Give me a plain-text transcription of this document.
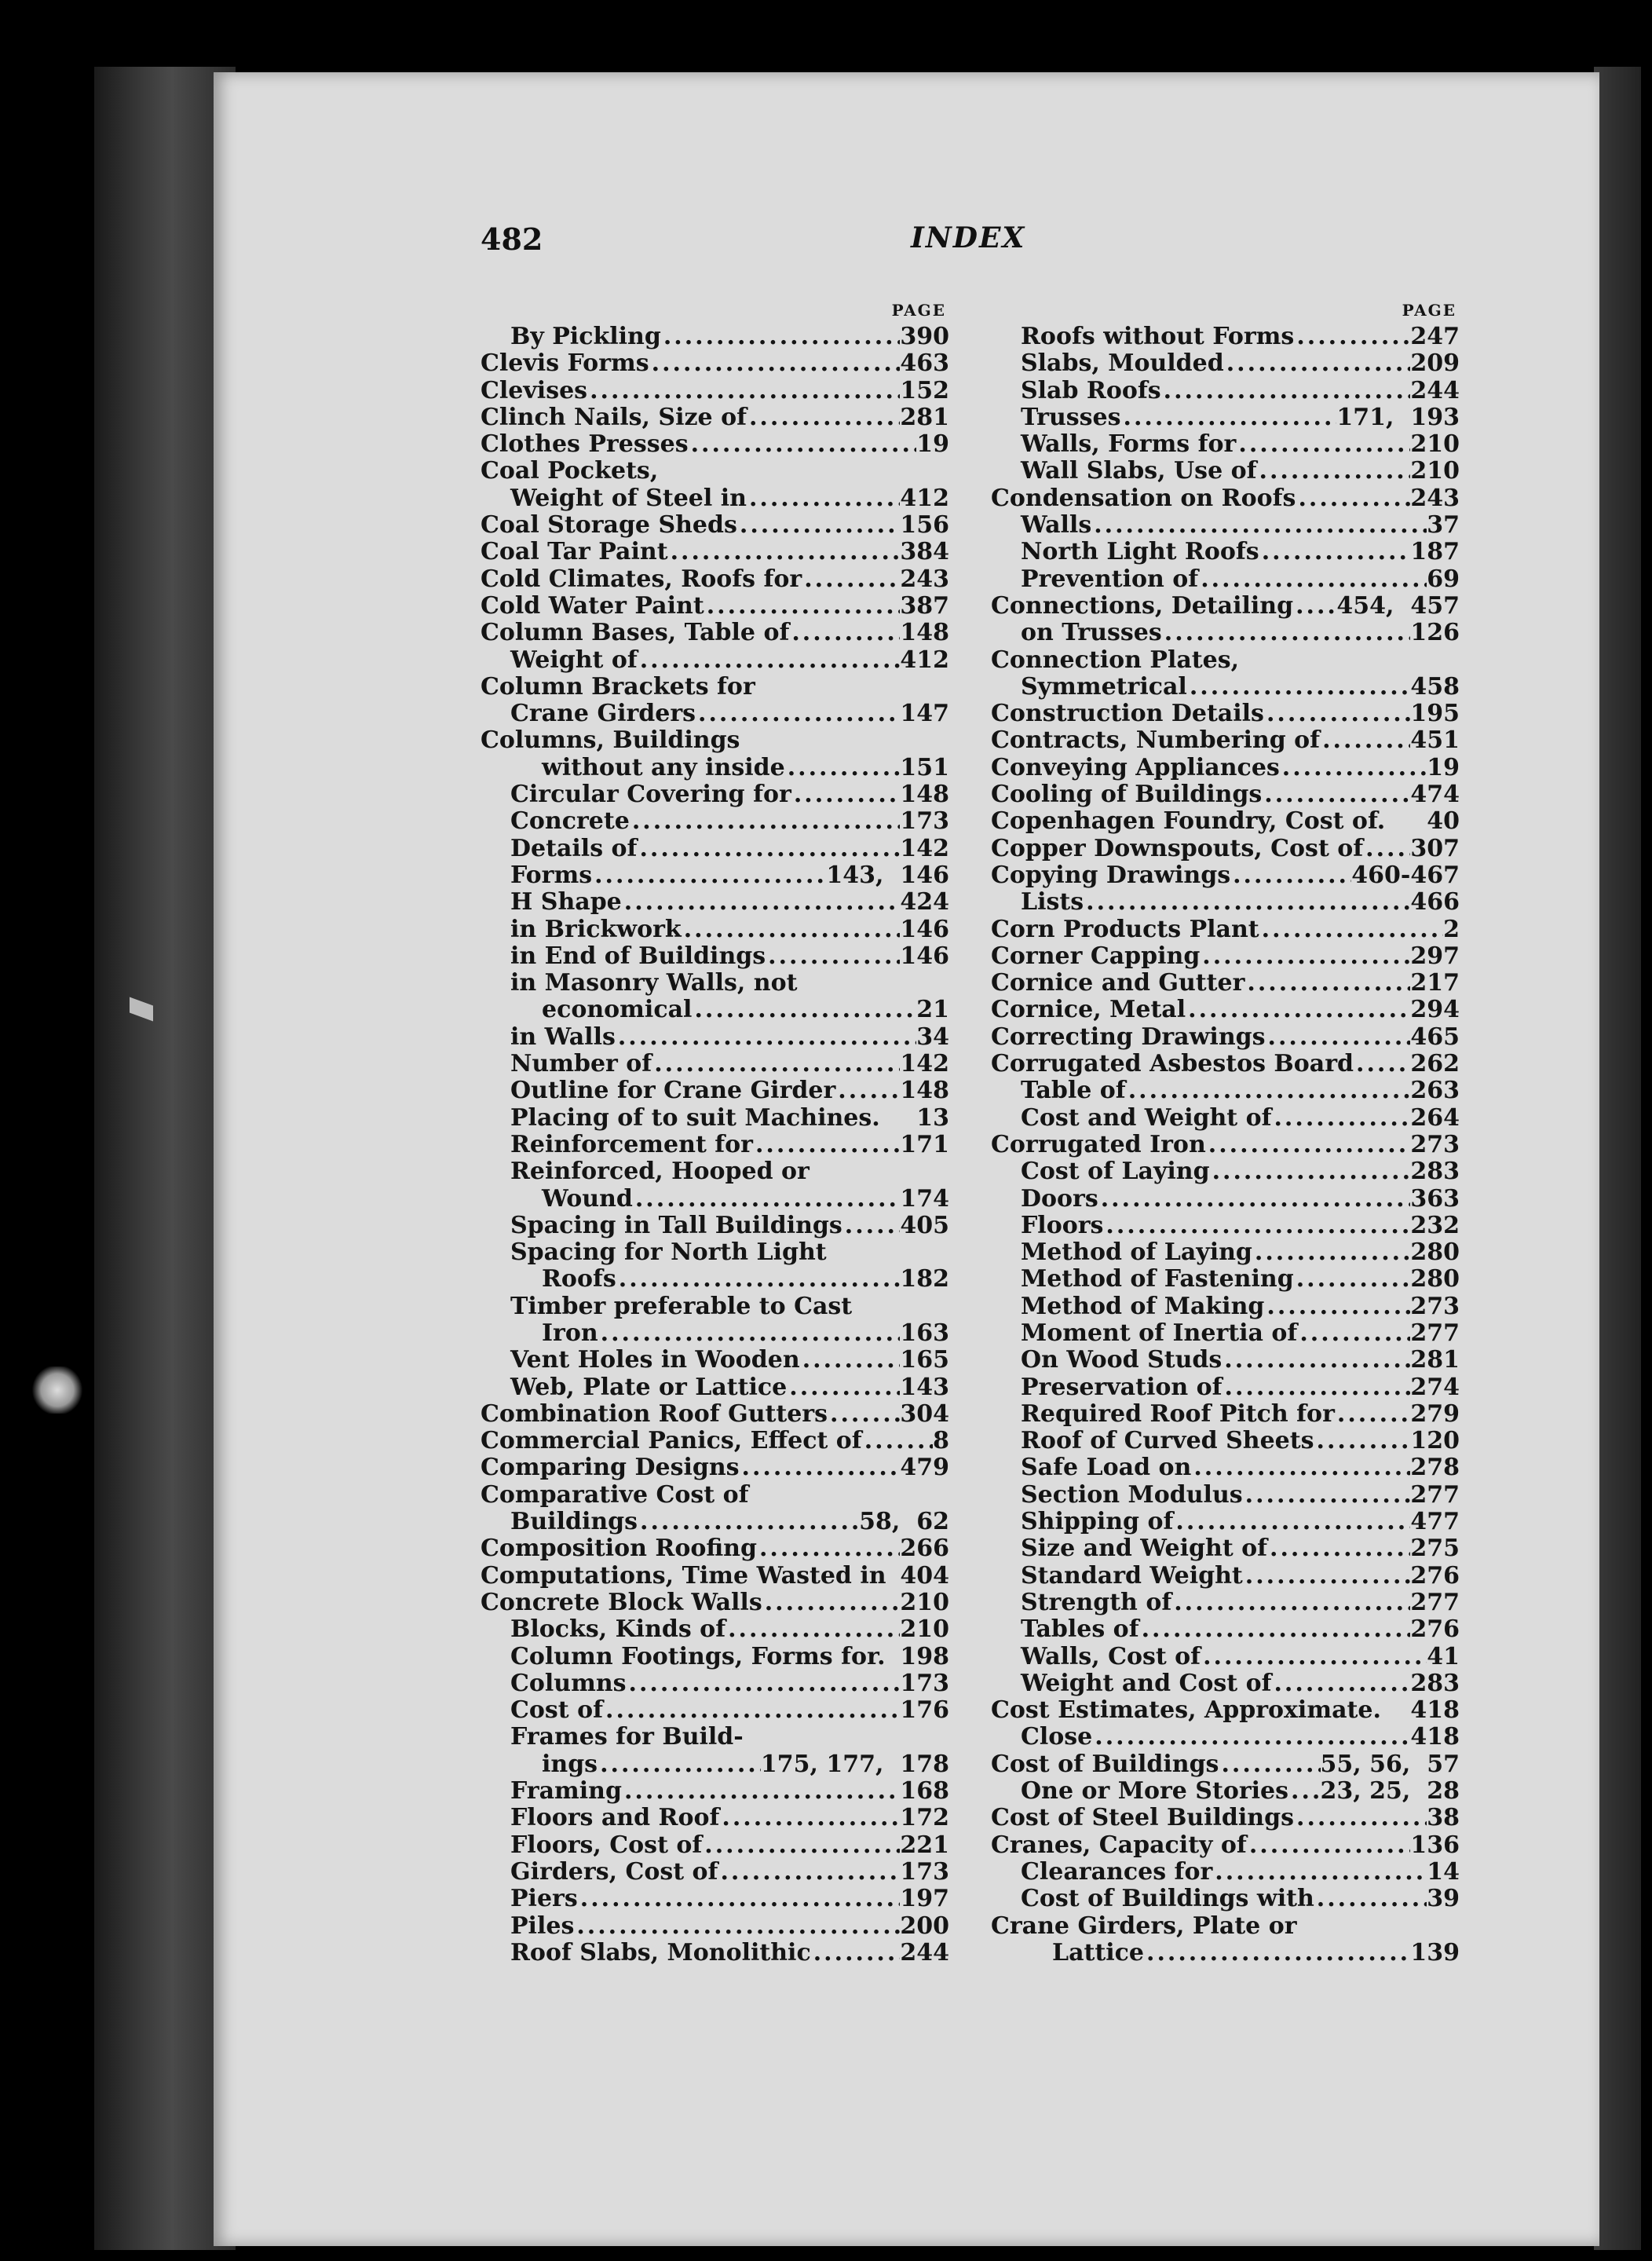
482	INDEX
PAGE
By Pickling .....	390
Clevis Forms .....	463
Clevises .....	152
Clinch Nails, Size of .....	281
Clothes Presses .....	19
Coal Pockets,
Weight of Steel in .....	412
Coal Storage Sheds .....	156
Coal Tar Paint .....	384
Cold Climates, Roofs for .....	243
Cold Water Paint .....	387
Column Bases, Table of .....	148
Weight of .....	412
Column Brackets for
Crane Girders .....	147
Columns, Buildings
without any inside .....	151
Circular Covering for .....	148
Concrete .....	173
Details of .....	142
Forms .....	143,  146
H Shape .....	424
in Brickwork .....	146
in End of Buildings .....	146
in Masonry Walls, not
economical .....	21
in Walls .....	34
Number of .....	142
Outline for Crane Girder .....	148
Placing of to suit Machines. 13
Reinforcement for .....	171
Reinforced, Hooped or
Wound .....	174
Spacing in Tall Buildings ..... 405
Spacing for North Light
Roofs .....	182
Timber preferable to Cast
Iron .....	163
Vent Holes in Wooden .....	165
Web, Plate or Lattice .....	143
Combination Roof Gutters .....	304
Commercial Panics, Effect of .....	8
Comparing Designs .....	479
Comparative Cost of
Buildings .....	58,  62
Composition Roofing .....	266
Computations, Time Wasted in 404
Concrete Block Walls .....	210
Blocks, Kinds of .....	210
Column Footings, Forms for. 198
Columns .....	173
Cost of .....	176
Frames for Build-
ings .....	175, 177,  178
Framing .....	168
Floors and Roof .....	172
Floors, Cost of .....	221
Girders, Cost of .....	173
Piers .....	197
Piles .....	200
Roof Slabs, Monolithic .....	244
PAGE
Roofs without Forms .....	247
Slabs, Moulded .....	209
Slab Roofs .....	244
Trusses .....	171,  193
Walls, Forms for .....	210
Wall Slabs, Use of .....	210
Condensation on Roofs .....	243
Walls .....	37
North Light Roofs .....	187
Prevention of .....	69
Connections, Detailing ..... 454,  457
on Trusses .....	126
Connection Plates,
Symmetrical .....	458
Construction Details .....	195
Contracts, Numbering of .....	451
Conveying Appliances .....	19
Cooling of Buildings .....	474
Copenhagen Foundry, Cost of. 40
Copper Downspouts, Cost of ..... 307
Copying Drawings .....	460-467
Lists .....	466
Corn Products Plant .....	2
Corner Capping .....	297
Cornice and Gutter .....	217
Cornice, Metal .....	294
Correcting Drawings .....	465
Corrugated Asbestos Board ..... 262
Table of .....	263
Cost and Weight of .....	264
Corrugated Iron .....	273
Cost of Laying .....	283
Doors .....	363
Floors .....	232
Method of Laying .....	280
Method of Fastening .....	280
Method of Making .....	273
Moment of Inertia of .....	277
On Wood Studs .....	281
Preservation of .....	274
Required Roof Pitch for .....	279
Roof of Curved Sheets .....	120
Safe Load on .....	278
Section Modulus .....	277
Shipping of .....	477
Size and Weight of .....	275
Standard Weight .....	276
Strength of .....	277
Tables of .....	276
Walls, Cost of .....	41
Weight and Cost of .....	283
Cost Estimates, Approximate. 418
Close .....	418
Cost of Buildings .....	55, 56,  57
One or More Stories ..... 23, 25,  28
Cost of Steel Buildings .....	38
Cranes, Capacity of .....	136
Clearances for .....	14
Cost of Buildings with .....	39
Crane Girders, Plate or
Lattice .....	139
